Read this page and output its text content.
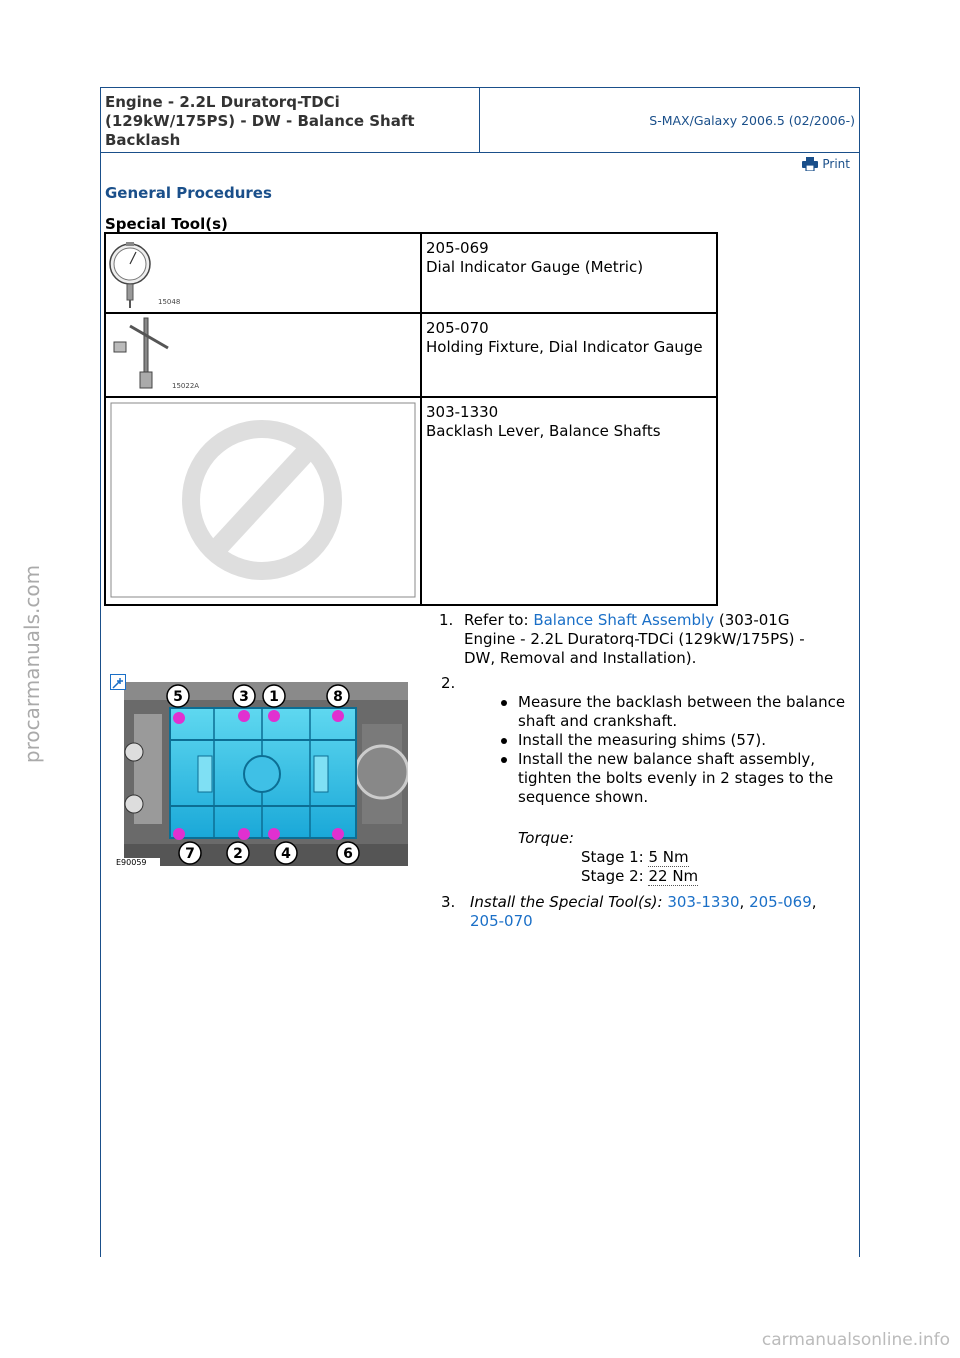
Engine - 2.2L Duratorq-TDCi (129kW/175PS) - DW - Balance Shaft Backlash
S-MAX/Galaxy 2006.5 (02/2006-)
Print
General Procedures
Special Tool(s)
15048
205-069
Dial Indicator Gauge (Metric)
15022A
205-070
Holding Fixture, Dial Indicator Gauge
303-1330
Backlash Lever, Balance Shafts
1. Refer to: Balance Shaft Assembly (303-01G
Engine - 2.2L Duratorq-TDCi (129kW/175PS) -
DW, Removal and Installation).
5	3 1	8
7	2	4	6
E90059
2.
Measure the backlash between the balance shaft and crankshaft.
Install the measuring shims (57).
Install the new balance shaft assembly, tighten the bolts evenly in 2 stages to the sequence shown.
Torque:
Stage 1: 5 Nm
Stage 2: 22 Nm
3. Install the Special Tool(s): 303-1330, 205-069,
205-070
procarmanuals.com
carmanualsonline.info
